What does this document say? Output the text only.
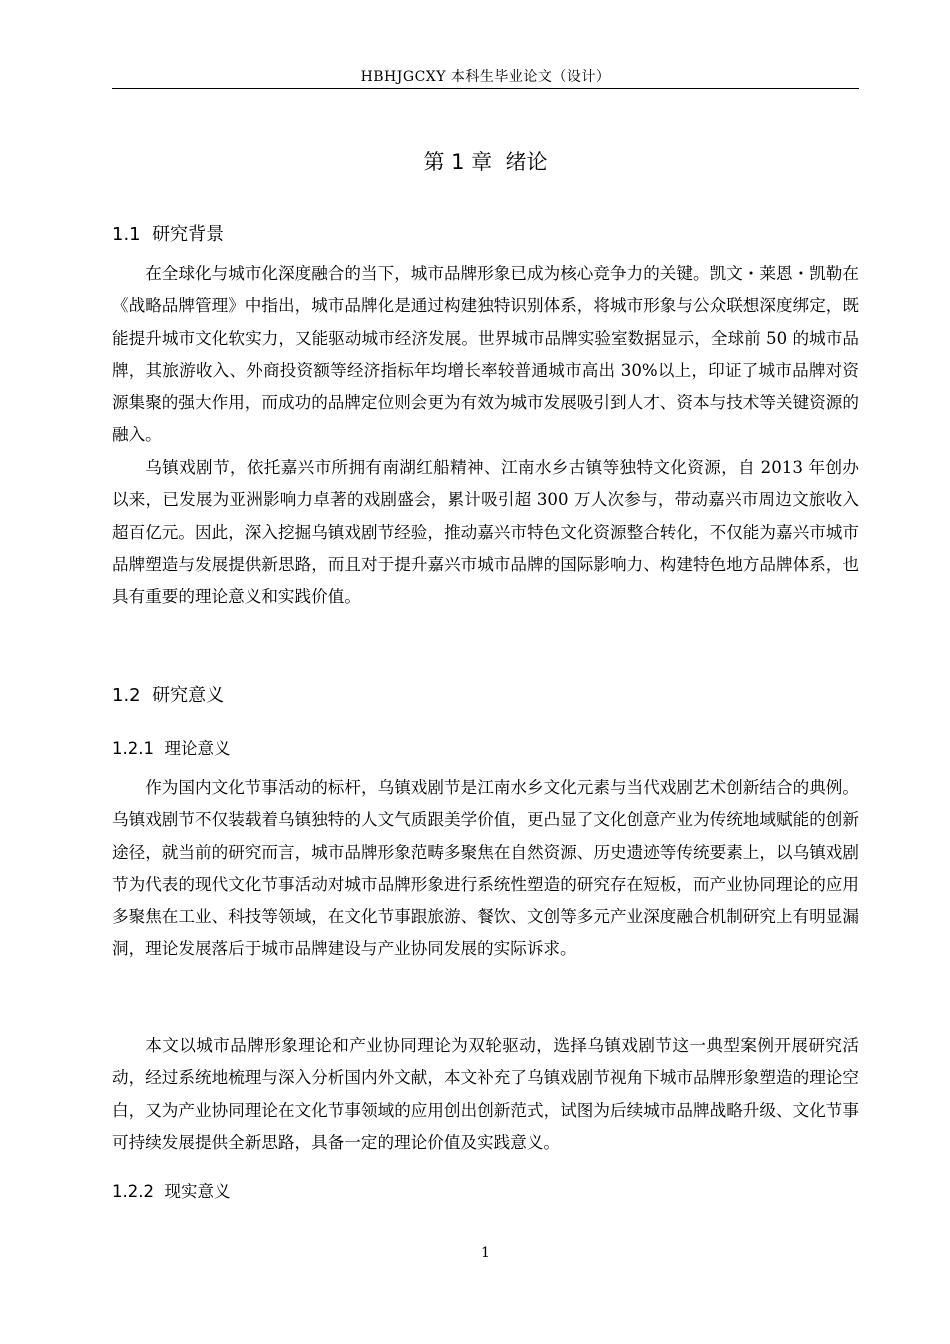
HBHJGCXY 本科生毕业论文（设计）
第 1 章  绪论
1.1  研究背景

在全球化与城市化深度融合的当下，城市品牌形象已成为核心竞争力的关键。凯文・莱恩・凯勒在《战略品牌管理》中指出，城市品牌化是通过构建独特识别体系，将城市形象与公众联想深度绑定，既能提升城市文化软实力，又能驱动城市经济发展。世界城市品牌实验室数据显示，全球前 50 的城市品牌，其旅游收入、外商投资额等经济指标年均增长率较普通城市高出 30%以上，印证了城市品牌对资源集聚的强大作用，而成功的品牌定位则会更为有效为城市发展吸引到人才、资本与技术等关键资源的融入。

乌镇戏剧节，依托嘉兴市所拥有南湖红船精神、江南水乡古镇等独特文化资源，自 2013 年创办以来，已发展为亚洲影响力卓著的戏剧盛会，累计吸引超 300 万人次参与，带动嘉兴市周边文旅收入超百亿元。因此，深入挖掘乌镇戏剧节经验，推动嘉兴市特色文化资源整合转化，不仅能为嘉兴市城市品牌塑造与发展提供新思路，而且对于提升嘉兴市城市品牌的国际影响力、构建特色地方品牌体系，也具有重要的理论意义和实践价值。

1.2  研究意义
1.2.1  理论意义

作为国内文化节事活动的标杆，乌镇戏剧节是江南水乡文化元素与当代戏剧艺术创新结合的典例。乌镇戏剧节不仅装载着乌镇独特的人文气质跟美学价值，更凸显了文化创意产业为传统地域赋能的创新途径，就当前的研究而言，城市品牌形象范畴多聚焦在自然资源、历史遗迹等传统要素上，以乌镇戏剧节为代表的现代文化节事活动对城市品牌形象进行系统性塑造的研究存在短板，而产业协同理论的应用多聚焦在工业、科技等领域，在文化节事跟旅游、餐饮、文创等多元产业深度融合机制研究上有明显漏洞，理论发展落后于城市品牌建设与产业协同发展的实际诉求。

本文以城市品牌形象理论和产业协同理论为双轮驱动，选择乌镇戏剧节这一典型案例开展研究活动，经过系统地梳理与深入分析国内外文献，本文补充了乌镇戏剧节视角下城市品牌形象塑造的理论空白，又为产业协同理论在文化节事领域的应用创出创新范式，试图为后续城市品牌战略升级、文化节事可持续发展提供全新思路，具备一定的理论价值及实践意义。

1.2.2  现实意义
1
